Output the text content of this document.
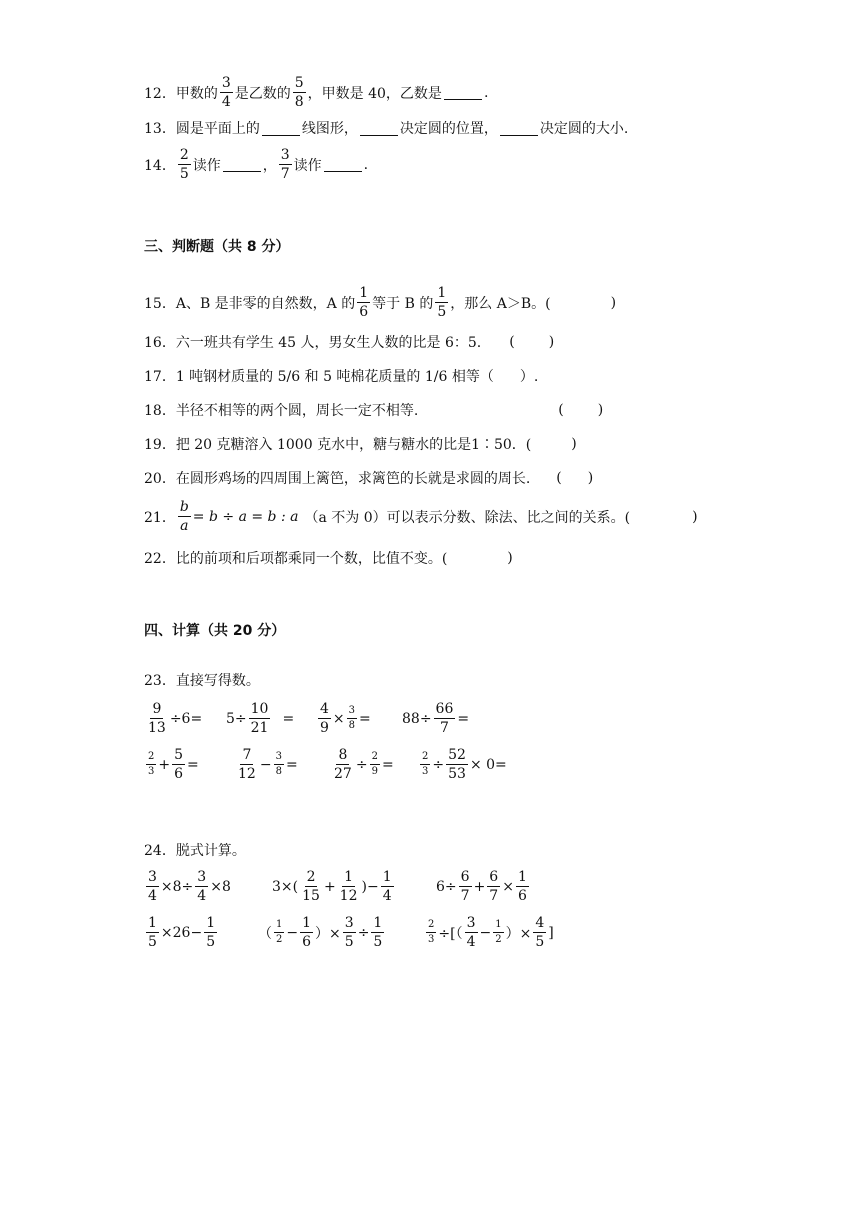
12． 甲数的 $\frac{3}{4}$ 是乙数的 $\frac{5}{8}$ ，甲数是 40，乙数是	.
13． 圆是平面上的	线图形，	决定圆的位置，	决定圆的大小.
14． $\frac{2}{5}$ 读作	， $\frac{3}{7}$ 读作	.
三、判断题（共 8 分）
15． A、B 是非零的自然数，A 的 $\frac{1}{6}$ 等于 B 的 $\frac{1}{5}$ ，那么 A＞B。(	)
16． 六一班共有学生 45 人，男女生人数的比是 6：5. ( )
17． 1 吨钢材质量的 5/6 和 5 吨棉花质量的 1/6 相等（ ）.
18． 半径不相等的两个圆，周长一定不相等.	( )
19． 把 20 克糖溶入 1000 克水中，糖与糖水的比是1∶50．(	)
20． 在圆形鸡场的四周围上篱笆，求篱笆的长就是求圆的周长. ( )
21． $\frac{b}{a} = b \div a = b$ : a （a 不为 0）可以表示分数、除法、比之间的关系。(	)
22． 比的前项和后项都乘同一个数，比值不变。(	)
四、计算（共 20 分）
23． 直接写得数。
$\frac{9}{13} \div 6= 5\div \frac{10}{21} = \frac{4}{9} \times \frac{3}{8} = 88\div \frac{66}{7}$ =
$\frac{2}{3} + \frac{5}{6}$ =	$\frac{7}{12} - \frac{3}{8} = \frac{8}{27} \div \frac{2}{9}$ =	$\frac{2}{3} \div \frac{52}{53} \times 0=$
24． 脱式计算。
$\frac{3}{4} \times 8\div \frac{3}{4} \times 8$	$3\times( \frac{2}{15} + \frac{1}{12}$ )− $\frac{1}{4}$	$6\div \frac{6}{7} + \frac{6}{7} \times \frac{1}{6}$
$\frac{1}{5} \times 26- \frac{1}{5}$	（ $\frac{1}{2} - \frac{1}{6}$ ）× $\frac{3}{5} \div \frac{1}{5}$	$\frac{2}{3}$ ÷[（ $\frac{3}{4} - \frac{1}{2}$ ）× $\frac{4}{5}$ ]
